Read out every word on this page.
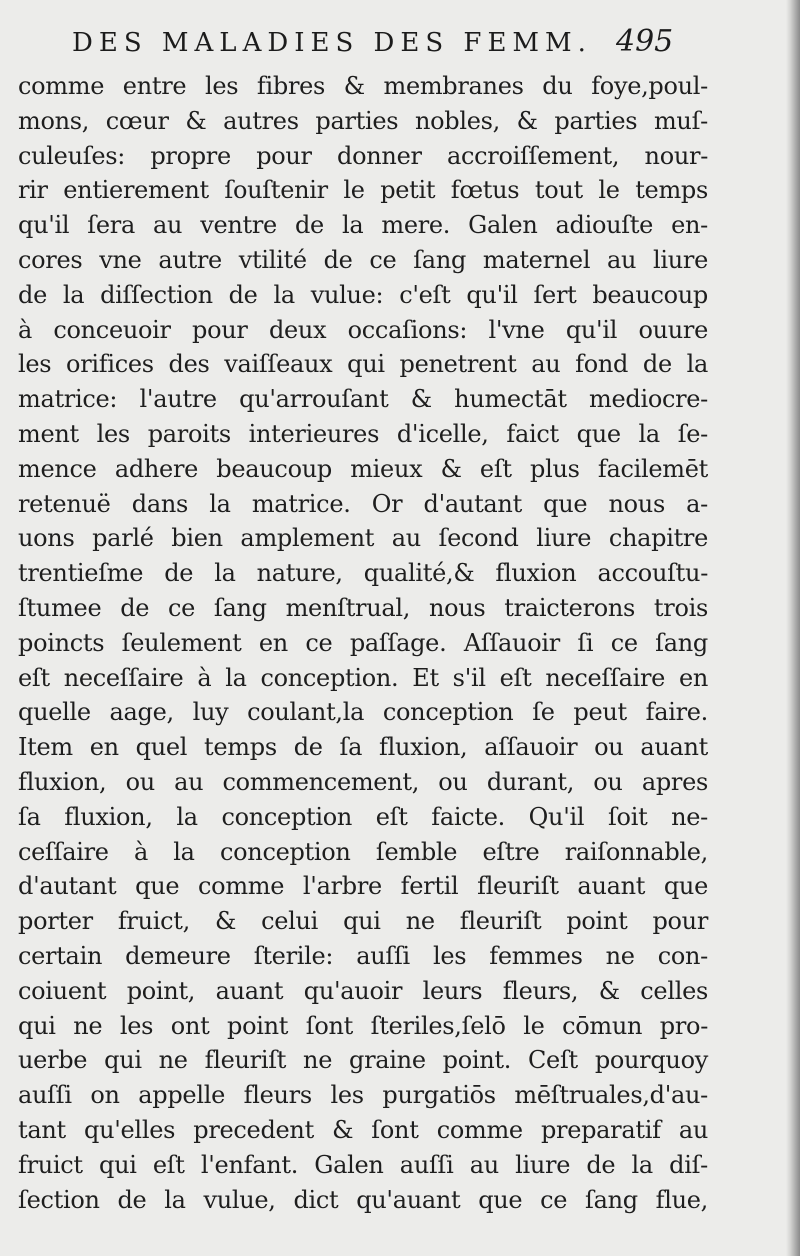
DES MALADIES DES FEMM. 495
comme entre les fibres & membranes du foye,poul-
mons, cœur & autres parties nobles, & parties muſ-
culeuſes: propre pour donner accroiſſement, nour-
rir entierement ſouſtenir le petit fœtus tout le temps
qu'il ſera au ventre de la mere. Galen adiouſte en-
cores vne autre vtilité de ce ſang maternel au liure
de la diſſection de la vulue: c'eſt qu'il ſert beaucoup
à conceuoir pour deux occaſions: l'vne qu'il ouure
les orifices des vaiſſeaux qui penetrent au fond de la
matrice: l'autre qu'arrouſant & humectāt mediocre-
ment les paroits interieures d'icelle, faict que la ſe-
mence adhere beaucoup mieux & eſt plus facilemēt
retenuë dans la matrice. Or d'autant que nous a-
uons parlé bien amplement au ſecond liure chapitre
trentieſme de la nature, qualité,& fluxion accouſtu-
ſtumee de ce ſang menſtrual, nous traicterons trois
poincts ſeulement en ce paſſage. Aſſauoir ſi ce ſang
eſt neceſſaire à la conception. Et s'il eſt neceſſaire en
quelle aage, luy coulant,la conception ſe peut faire.
Item en quel temps de ſa fluxion, aſſauoir ou auant
fluxion, ou au commencement, ou durant, ou apres
ſa fluxion, la conception eſt faicte. Qu'il ſoit ne-
ceſſaire à la conception ſemble eſtre raiſonnable,
d'autant que comme l'arbre fertil fleuriſt auant que
porter fruict, & celui qui ne fleuriſt point pour
certain demeure ſterile: auſſi les femmes ne con-
coiuent point, auant qu'auoir leurs fleurs, & celles
qui ne les ont point ſont ſteriles,ſelō le cōmun pro-
uerbe qui ne fleuriſt ne graine point. Ceſt pourquoy
auſſi on appelle fleurs les purgatiōs mēſtruales,d'au-
tant qu'elles precedent & ſont comme preparatif au
fruict qui eſt l'enfant. Galen auſſi au liure de la diſ-
ſection de la vulue, dict qu'auant que ce ſang flue,
